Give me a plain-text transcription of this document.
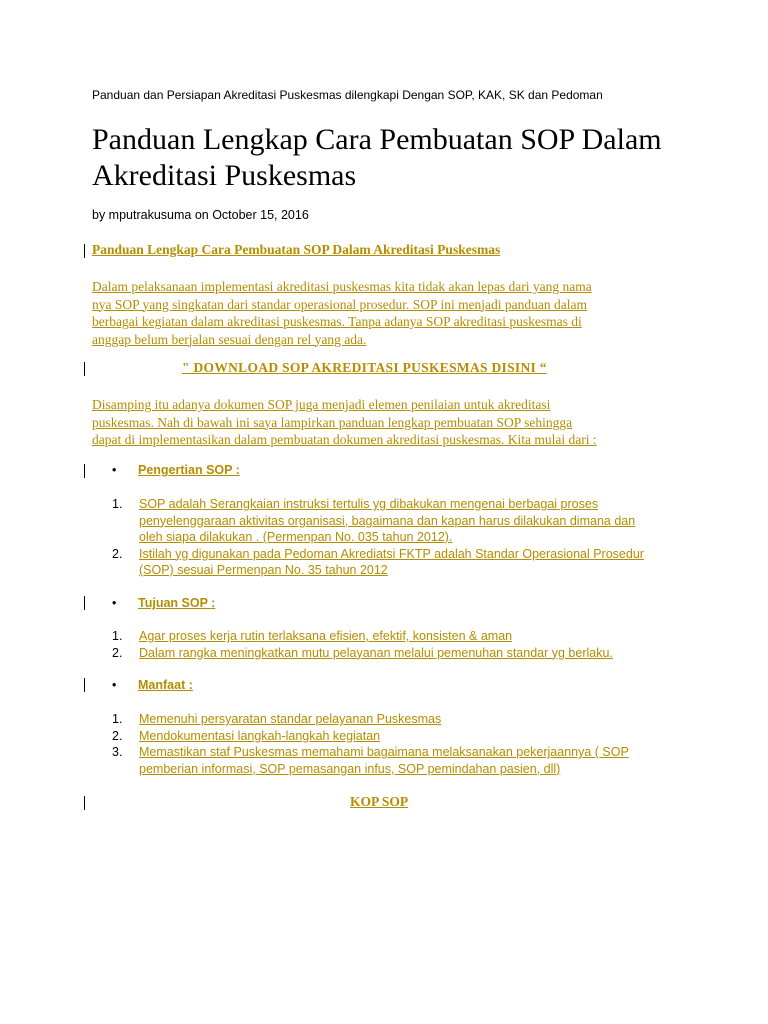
Panduan dan Persiapan Akreditasi Puskesmas dilengkapi Dengan SOP, KAK, SK dan Pedoman
Panduan Lengkap Cara Pembuatan SOP Dalam Akreditasi Puskesmas
by mputrakusuma on October 15, 2016
Panduan Lengkap Cara Pembuatan SOP Dalam Akreditasi Puskesmas

Dalam pelaksanaan implementasi akreditasi puskesmas kita tidak akan lepas dari yang nama
nya SOP yang singkatan dari standar operasional prosedur. SOP ini menjadi panduan dalam
berbagai kegiatan dalam akreditasi puskesmas. Tanpa adanya SOP akreditasi puskesmas di
anggap belum berjalan sesuai dengan rel yang ada.

" DOWNLOAD SOP AKREDITASI PUSKESMAS DISINI “

Disamping itu adanya dokumen SOP juga menjadi elemen penilaian untuk akreditasi
puskesmas. Nah di bawah ini saya lampirkan panduan lengkap pembuatan SOP sehingga
dapat di implementasikan dalam pembuatan dokumen akreditasi puskesmas. Kita mulai dari :

• Pengertian SOP :
1. SOP adalah Serangkaian instruksi tertulis yg dibakukan mengenai berbagai proses
penyelenggaraan aktivitas organisasi, bagaimana dan kapan harus dilakukan dimana dan
oleh siapa dilakukan . (Permenpan No. 035 tahun 2012).
2. Istilah yg digunakan pada Pedoman Akrediatsi FKTP adalah Standar Operasional Prosedur
(SOP) sesuai Permenpan No. 35 tahun 2012
• Tujuan SOP :
1. Agar proses kerja rutin terlaksana efisien, efektif, konsisten & aman
2. Dalam rangka meningkatkan mutu pelayanan melalui pemenuhan standar yg berlaku.
• Manfaat :
1. Memenuhi persyaratan standar pelayanan Puskesmas
2. Mendokumentasi langkah-langkah kegiatan
3. Memastikan staf Puskesmas memahami bagaimana melaksanakan pekerjaannya ( SOP
pemberian informasi, SOP pemasangan infus, SOP pemindahan pasien, dll)
KOP SOP
